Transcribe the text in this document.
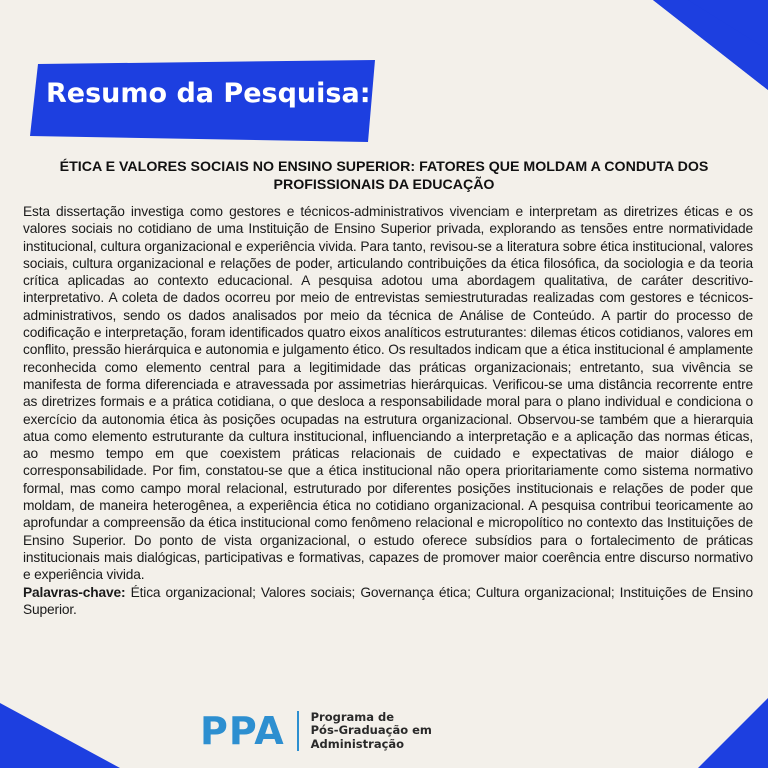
Resumo da Pesquisa:
ÉTICA E VALORES SOCIAIS NO ENSINO SUPERIOR: FATORES QUE MOLDAM A CONDUTA DOS PROFISSIONAIS DA EDUCAÇÃO

Esta dissertação investiga como gestores e técnicos-administrativos vivenciam e interpretam as diretrizes éticas e os valores sociais no cotidiano de uma Instituição de Ensino Superior privada, explorando as tensões entre normatividade institucional, cultura organizacional e experiência vivida. Para tanto, revisou-se a literatura sobre ética institucional, valores sociais, cultura organizacional e relações de poder, articulando contribuições da ética filosófica, da sociologia e da teoria crítica aplicadas ao contexto educacional. A pesquisa adotou uma abordagem qualitativa, de caráter descritivo-interpretativo. A coleta de dados ocorreu por meio de entrevistas semiestruturadas realizadas com gestores e técnicos-administrativos, sendo os dados analisados por meio da técnica de Análise de Conteúdo. A partir do processo de codificação e interpretação, foram identificados quatro eixos analíticos estruturantes: dilemas éticos cotidianos, valores em conflito, pressão hierárquica e autonomia e julgamento ético. Os resultados indicam que a ética institucional é amplamente reconhecida como elemento central para a legitimidade das práticas organizacionais; entretanto, sua vivência se manifesta de forma diferenciada e atravessada por assimetrias hierárquicas. Verificou-se uma distância recorrente entre as diretrizes formais e a prática cotidiana, o que desloca a responsabilidade moral para o plano individual e condiciona o exercício da autonomia ética às posições ocupadas na estrutura organizacional. Observou-se também que a hierarquia atua como elemento estruturante da cultura institucional, influenciando a interpretação e a aplicação das normas éticas, ao mesmo tempo em que coexistem práticas relacionais de cuidado e expectativas de maior diálogo e corresponsabilidade. Por fim, constatou-se que a ética institucional não opera prioritariamente como sistema normativo formal, mas como campo moral relacional, estruturado por diferentes posições institucionais e relações de poder que moldam, de maneira heterogênea, a experiência ética no cotidiano organizacional. A pesquisa contribui teoricamente ao aprofundar a compreensão da ética institucional como fenômeno relacional e micropolítico no contexto das Instituições de Ensino Superior. Do ponto de vista organizacional, o estudo oferece subsídios para o fortalecimento de práticas institucionais mais dialógicas, participativas e formativas, capazes de promover maior coerência entre discurso normativo e experiência vivida.

Palavras-chave: Ética organizacional; Valores sociais; Governança ética; Cultura organizacional; Instituições de Ensino Superior.

PPA Programa de
Pós-Graduação em
Administração
